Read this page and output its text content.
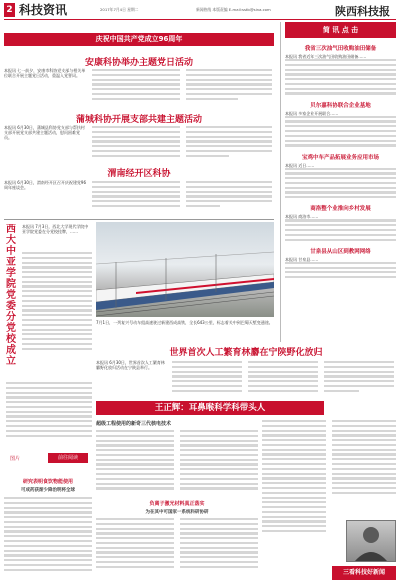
2 科技资讯	2017年7月4日 星期二	新闻热线 本版责编 E-mail:sstb@sina.com	陕西科技报
庆祝中国共产党成立96周年
安康科协举办主题党日活动
本报讯 七一前夕，安康市科协党支部与相关单位联合开展主题党日活动，重温入党誓词。
蒲城科协开展支部共建主题活动
本报讯 6月30日，蒲城县科协党支部与帮扶村支部开展党支部共建主题活动，慰问困难党员。
渭南经开区科协
本报讯 6月30日，渭南经开区召开庆祝建党96周年座谈会。
西大中亚学院党委分党校成立
本报讯 7月3日，西北大学现代学院中亚学院党委在分党校挂牌，……
图片	前往阅读
7月1日，一列复兴号动车组高速驶过新建西成高铁，全长643公里，标志着关中到巴蜀天堑变通途。
世界首次人工繁育林麝在宁陕野化放归
本报讯 6月30日，世界首次人工繁育林麝野化放归活动在宁陕县举行。
王正辉：耳鼻喉科学科带头人
研究表明食饮物能使用
可成药获渐少降治明将全球
超级工程使用的新奇三代核电技术
负离子激光材料真正落实
为在其中可国家一系统科研协研
三看科技好新闻
简 讯 点 击
我省三次油气田收购油田储备
本报讯 我省近年三次油气田收购油田储备……
贝尔嘉科协联合企业基地
本报讯 多家企业开展联合……
宝鸡中车产品拓展业务应用市场
本报讯 近日……
商洛整个业推向乡村发展
本报讯 商洛市……
甘泉县从山区到教网网络
本报讯 甘泉县……
